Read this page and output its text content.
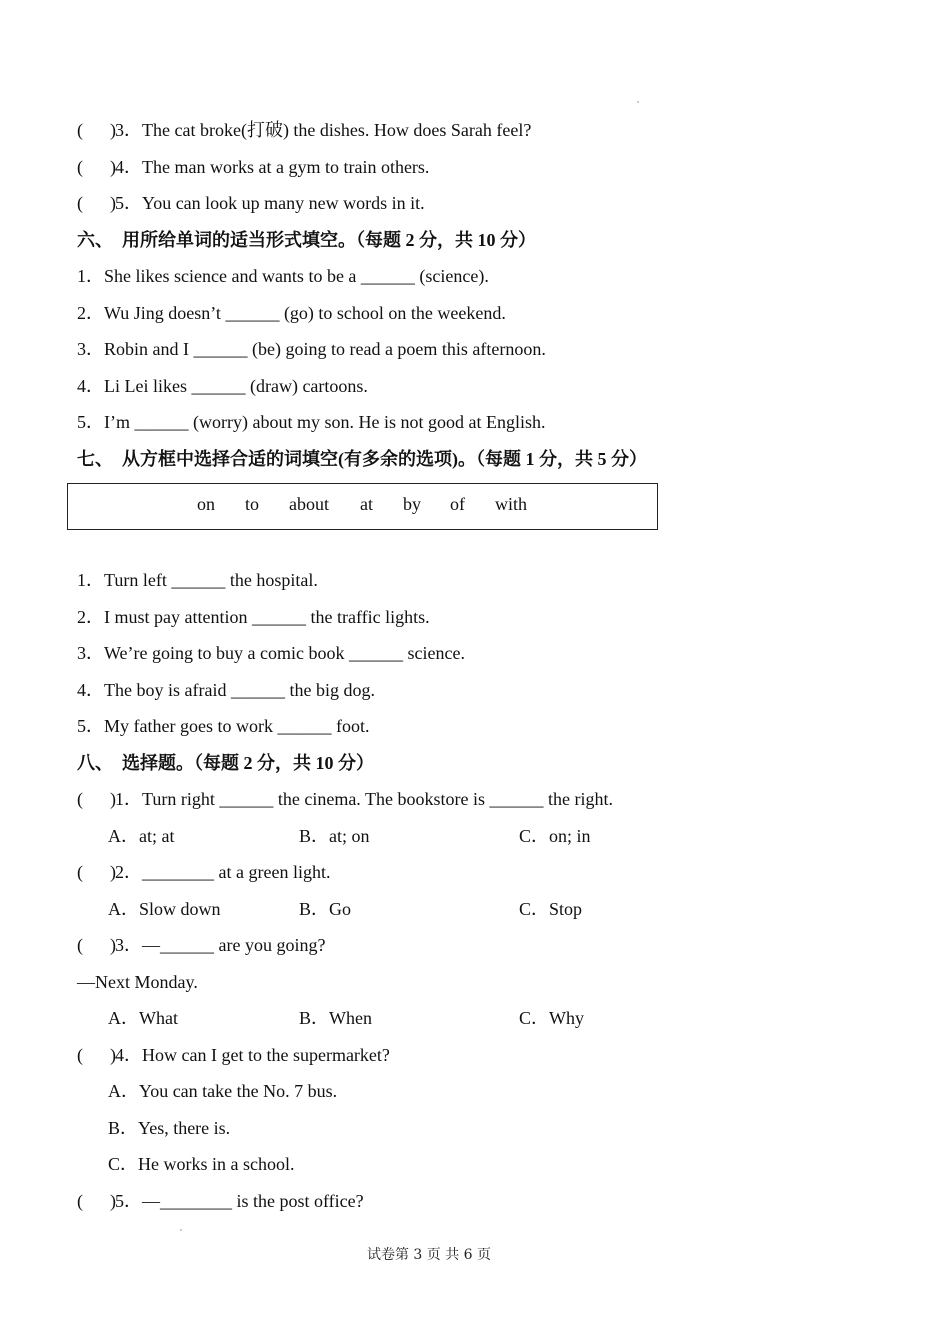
(      )3．The cat broke(打破) the dishes. How does Sarah feel?
(      )4．The man works at a gym to train others.
(      )5．You can look up many new words in it.
六、  用所给单词的适当形式填空。（每题 2 分，共 10 分）
1．She likes science and wants to be a ______ (science).
2．Wu Jing doesn’t ______ (go) to school on the weekend.
3．Robin and I ______ (be) going to read a poem this afternoon.
4．Li Lei likes ______ (draw) cartoons.
5．I’m ______ (worry) about my son. He is not good at English.
七、  从方框中选择合适的词填空(有多余的选项)。（每题 1 分，共 5 分）
on to about at by of with
1．Turn left ______ the hospital.
2．I must pay attention ______ the traffic lights.
3．We’re going to buy a comic book ______ science.
4．The boy is afraid ______ the big dog.
5．My father goes to work ______ foot.
八、  选择题。（每题 2 分，共 10 分）
(      )1．Turn right ______ the cinema. The bookstore is ______ the right.

A．at; at

	B．at; on

	C．on; in

(      )2．________ at a green light.

A．Slow down

	B．Go

	C．Stop

(      )3．—______ are you going?
—Next Monday.

A．What

	B．When

	C．Why

(      )4．How can I get to the supermarket?
A．You can take the No. 7 bus.
B．Yes, there is.
C．He works in a school.
(      )5．—________ is the post office?
试卷第 3 页 共 6 页
